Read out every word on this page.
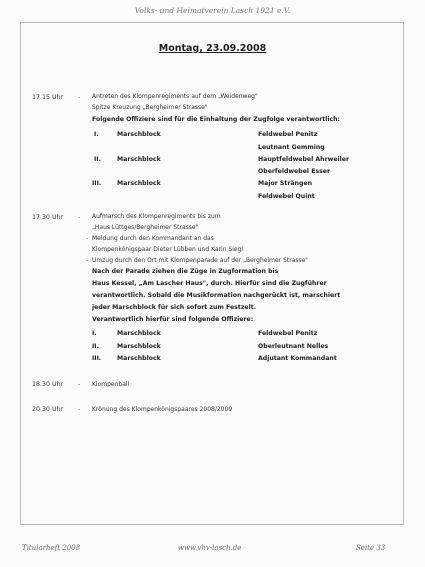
Volks- und Heimatverein Lasch 1921 e.V.
Montag, 23.09.2008
17.15 Uhr - Antreten des Klompenregiments auf dem „Weidenweg"
Spitze Kreuzung „Bergheimer Strasse"
Folgende Offiziere sind für die Einhaltung der Zugfolge verantwortlich:
I.	Marschblock	Feldwebel Penitz
Leutnant Gemming
II.	Marschblock	Hauptfeldwebel Ahrweiler
Oberfeldwebel Esser
III.	Marschblock	Major Strängen
Feldwebel Quint
17.30 Uhr - Aufmarsch des Klompenregiments bis zum
„Haus Lüttges/Bergheimer Strasse"
- Meldung durch den Kommandant an das
Klompenkönigspaar Dieter Lübben und Karin Siegl
- Umzug durch den Ort mit Klompenparade auf der „Bergheimer Strasse"
Nach der Parade ziehen die Züge in Zugformation bis
Haus Kessel, „Am Lascher Haus", durch. Hierfür sind die Zugführer
verantwortlich. Sobald die Musikformation nachgerückt ist, marschiert
jeder Marschblock für sich sofort zum Festzelt.
Verantwortlich hierfür sind folgende Offiziere:
I.	Marschblock	Feldwebel Penitz
II.	Marschblock	Oberleutnant Nelles
III.	Marschblock	Adjutant Kommandant
18.30 Uhr - Klompenball
20.30 Uhr - Krönung des Klompenkönigspaares 2008/2009
Titularheft 2008	www.vhv-lasch.de	Seite 33
